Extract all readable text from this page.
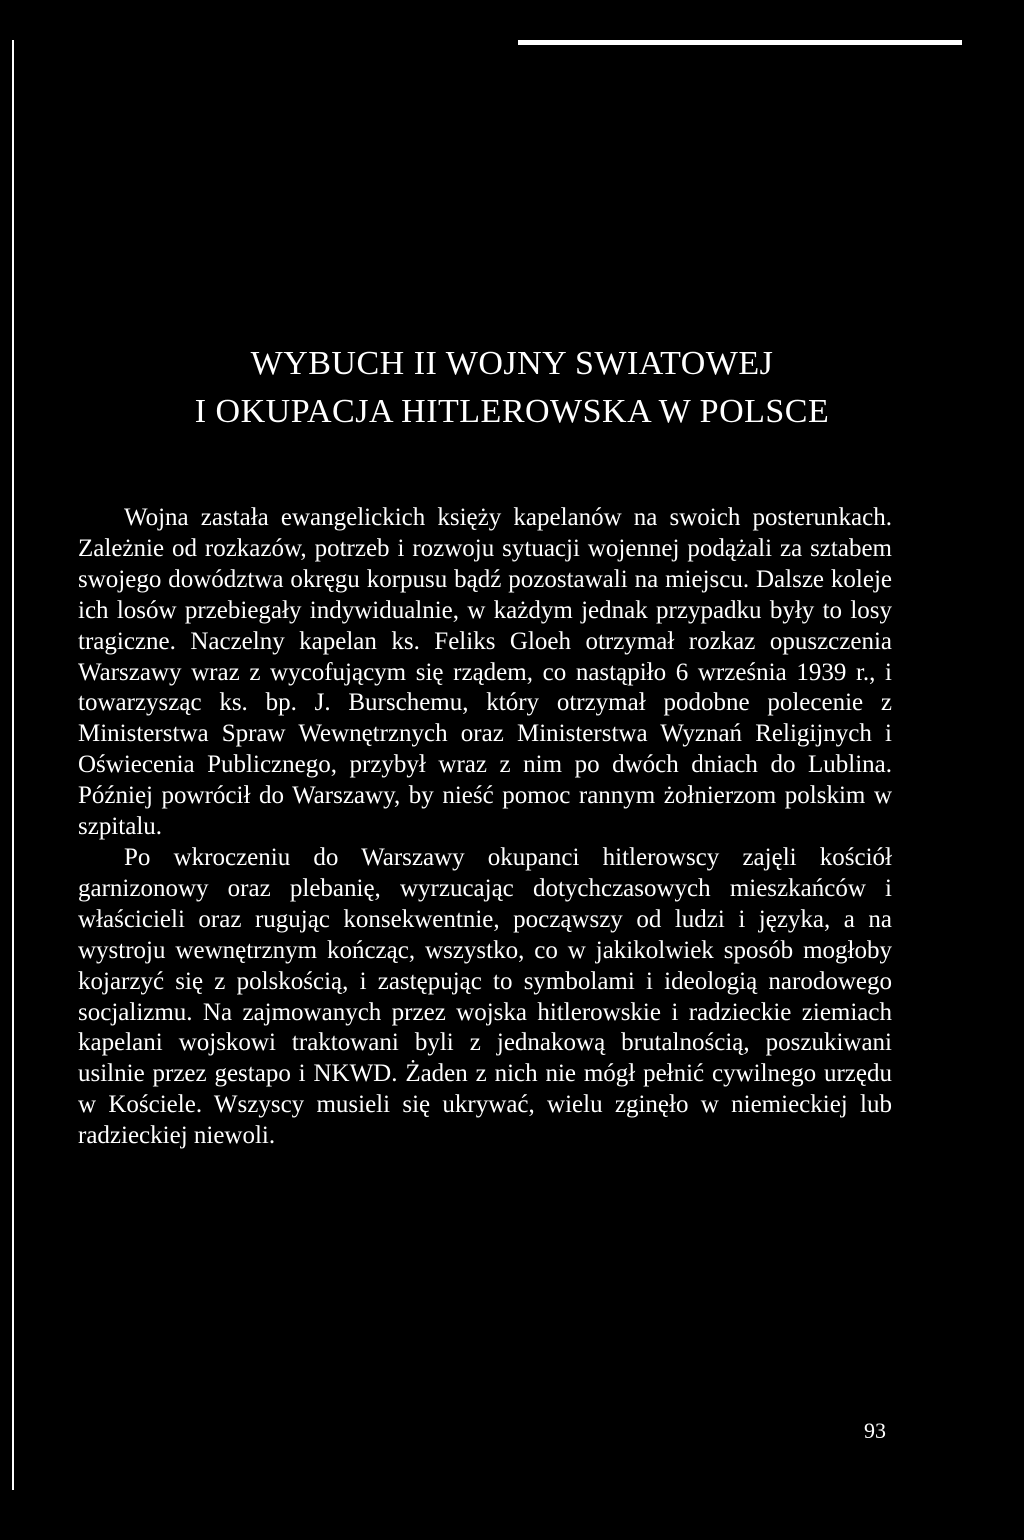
WYBUCH II WOJNY SWIATOWEJ
I OKUPACJA HITLEROWSKA W POLSCE

Wojna zastała ewangelickich księży kapelanów na swoich posterunkach. Zależnie od rozkazów, potrzeb i rozwoju sytuacji wojennej podążali za sztabem swojego dowództwa okręgu korpusu bądź pozostawali na miejscu. Dalsze koleje ich losów przebiegały indywidualnie, w każdym jednak przypadku były to losy tragiczne. Naczelny kapelan ks. Feliks Gloeh otrzymał rozkaz opuszczenia Warszawy wraz z wycofującym się rządem, co nastąpiło 6 września 1939 r., i towarzysząc ks. bp. J. Burschemu, który otrzymał podobne polecenie z Ministerstwa Spraw Wewnętrznych oraz Ministerstwa Wyznań Religijnych i Oświecenia Publicznego, przybył wraz z nim po dwóch dniach do Lublina. Później powrócił do Warszawy, by nieść pomoc rannym żołnierzom polskim w szpitalu.

Po wkroczeniu do Warszawy okupanci hitlerowscy zajęli kościół garnizonowy oraz plebanię, wyrzucając dotychczasowych mieszkańców i właścicieli oraz rugując konsekwentnie, począwszy od ludzi i języka, a na wystroju wewnętrznym kończąc, wszystko, co w jakikolwiek sposób mogłoby kojarzyć się z polskością, i zastępując to symbolami i ideologią narodowego socjalizmu. Na zajmowanych przez wojska hitlerowskie i radzieckie ziemiach kapelani wojskowi traktowani byli z jednakową brutalnością, poszukiwani usilnie przez gestapo i NKWD. Żaden z nich nie mógł pełnić cywilnego urzędu w Kościele. Wszyscy musieli się ukrywać, wielu zginęło w niemieckiej lub radzieckiej niewoli.

93
